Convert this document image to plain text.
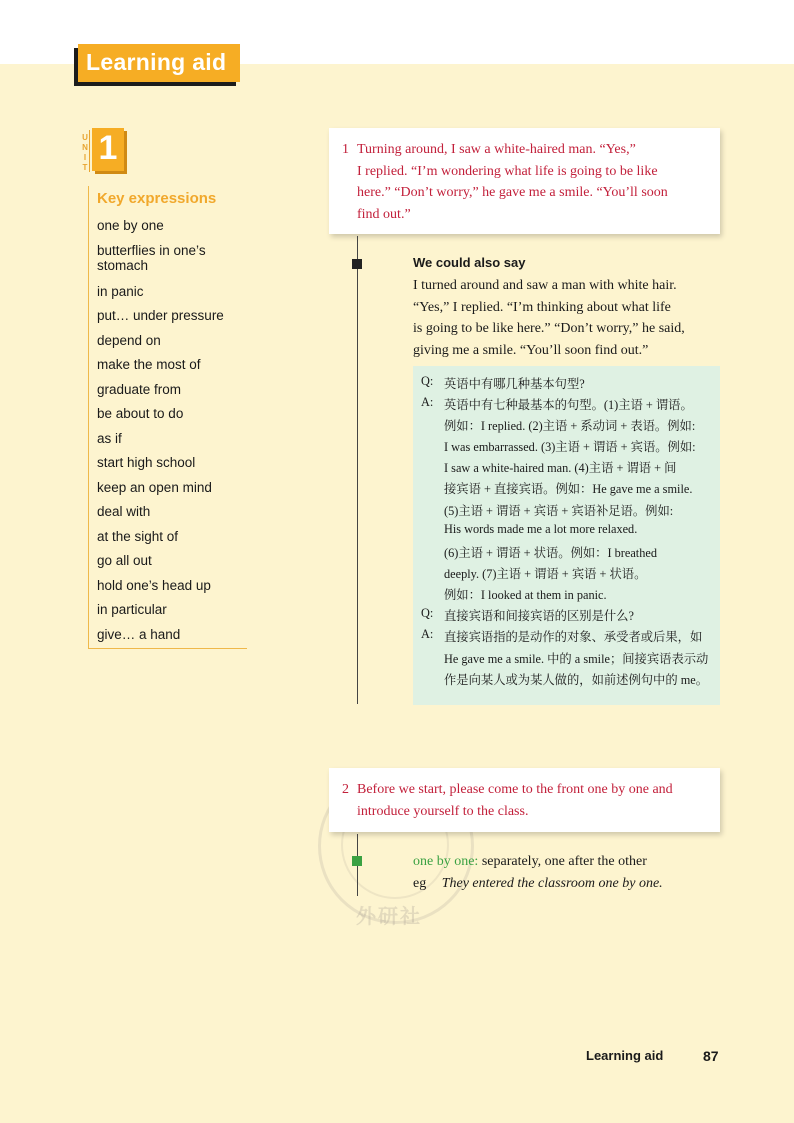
Learning aid
U
N
I
T
1
Key expressions
one by one
butterflies in one’s stomach
in panic
put… under pressure
depend on
make the most of
graduate from
be about to do
as if
start high school
keep an open mind
deal with
at the sight of
go all out
hold one’s head up
in particular
give… a hand
外研社
1 Turning around, I saw a white-haired man. “Yes,”
I replied. “I’m wondering what life is going to be like
here.” “Don’t worry,” he gave me a smile. “You’ll soon
find out.”
We could also say
I turned around and saw a man with white hair.
“Yes,” I replied. “I’m thinking about what life
is going to be like here.” “Don’t worry,” he said,
giving me a smile. “You’ll soon find out.”
Q: 英语中有哪几种基本句型?
A: 英语中有七种最基本的句型。(1)主语 + 谓语。
例如：I replied. (2)主语 + 系动词 + 表语。例如:
I was embarrassed. (3)主语 + 谓语 + 宾语。例如:
I saw a white-haired man. (4)主语 + 谓语 + 间
接宾语 + 直接宾语。例如：He gave me a smile.
(5)主语 + 谓语 + 宾语 + 宾语补足语。例如:
His words made me a lot more relaxed.
(6)主语 + 谓语 + 状语。例如：I breathed
deeply. (7)主语 + 谓语 + 宾语 + 状语。
例如：I looked at them in panic.
Q: 直接宾语和间接宾语的区别是什么?
A: 直接宾语指的是动作的对象、承受者或后果，如
He gave me a smile. 中的 a smile；间接宾语表示动
作是向某人或为某人做的，如前述例句中的 me。
2 Before we start, please come to the front one by one and
introduce yourself to the class.
one by one: separately, one after the other
eg They entered the classroom one by one.
Learning aid	87
